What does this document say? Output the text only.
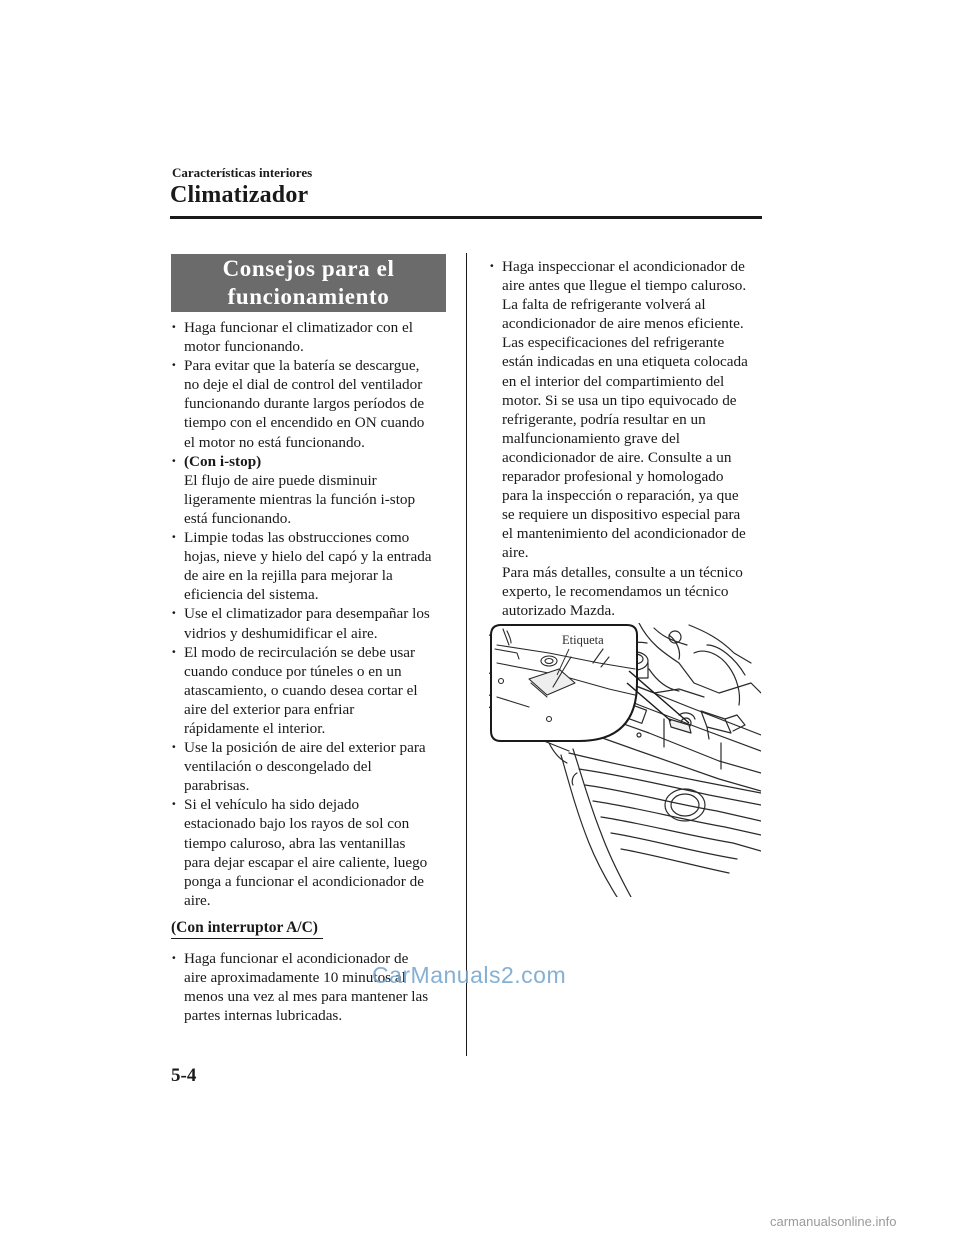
Características interiores
Climatizador
Consejos para el
funcionamiento
· Haga funcionar el climatizador con el
motor funcionando.
· Para evitar que la batería se descargue,
no deje el dial de control del ventilador
funcionando durante largos períodos de
tiempo con el encendido en ON cuando
el motor no está funcionando.
· (Con i-stop)
El flujo de aire puede disminuir
ligeramente mientras la función i-stop
está funcionando.
· Limpie todas las obstrucciones como
hojas, nieve y hielo del capó y la entrada
de aire en la rejilla para mejorar la
eficiencia del sistema.
· Use el climatizador para desempañar los
vidrios y deshumidificar el aire.
· El modo de recirculación se debe usar
cuando conduce por túneles o en un
atascamiento, o cuando desea cortar el
aire del exterior para enfriar
rápidamente el interior.
· Use la posición de aire del exterior para
ventilación o descongelado del
parabrisas.
· Si el vehículo ha sido dejado
estacionado bajo los rayos de sol con
tiempo caluroso, abra las ventanillas
para dejar escapar el aire caliente, luego
ponga a funcionar el acondicionador de
aire.
(Con interruptor A/C)
· Haga funcionar el acondicionador de
aire aproximadamente 10 minutos al
menos una vez al mes para mantener las
partes internas lubricadas.
· Haga inspeccionar el acondicionador de
aire antes que llegue el tiempo caluroso.
La falta de refrigerante volverá al
acondicionador de aire menos eficiente.
Las especificaciones del refrigerante
están indicadas en una etiqueta colocada
en el interior del compartimiento del
motor. Si se usa un tipo equivocado de
refrigerante, podría resultar en un
malfuncionamiento grave del
acondicionador de aire. Consulte a un
reparador profesional y homologado
para la inspección o reparación, ya que
se requiere un dispositivo especial para
el mantenimiento del acondicionador de
aire.
Para más detalles, consulte a un técnico
experto, le recomendamos un técnico
autorizado Mazda.
Etiqueta
5-4
CarManuals2.com
carmanualsonline.info
